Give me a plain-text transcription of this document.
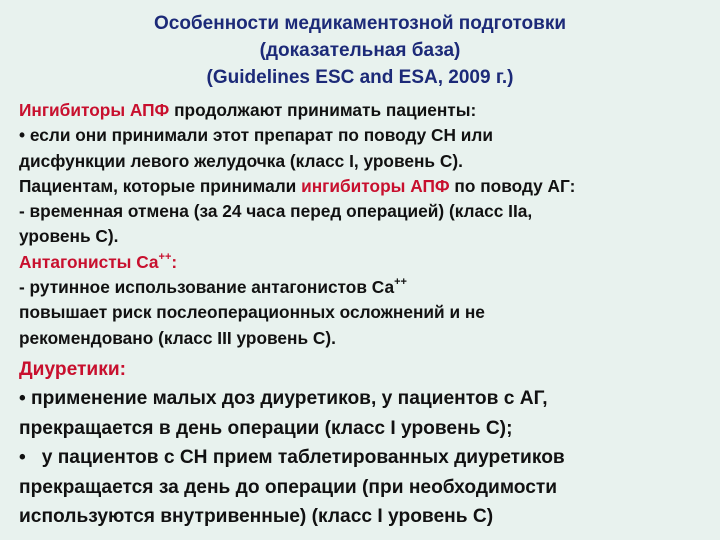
Особенности медикаментозной подготовки
(доказательная база)
(Guidelines ESC and ESA, 2009 г.)
Ингибиторы АПФ продолжают принимать пациенты:
• если они принимали этот препарат по поводу СН или
дисфункции левого желудочка (класс I, уровень С).
Пациентам, которые принимали ингибиторы АПФ по поводу АГ:
- временная отмена (за 24 часа перед операцией) (класс IIa,
уровень С).
Антагонисты Са++:
- рутинное использование антагонистов Са++
повышает риск послеоперационных осложнений и не
рекомендовано (класс III уровень С).
Диуретики:
• применение малых доз диуретиков, у пациентов с АГ,
прекращается в день операции (класс I уровень С);
•   у пациентов с СН прием таблетированных диуретиков
прекращается за день до операции (при необходимости
используются внутривенные) (класс I уровень С)
